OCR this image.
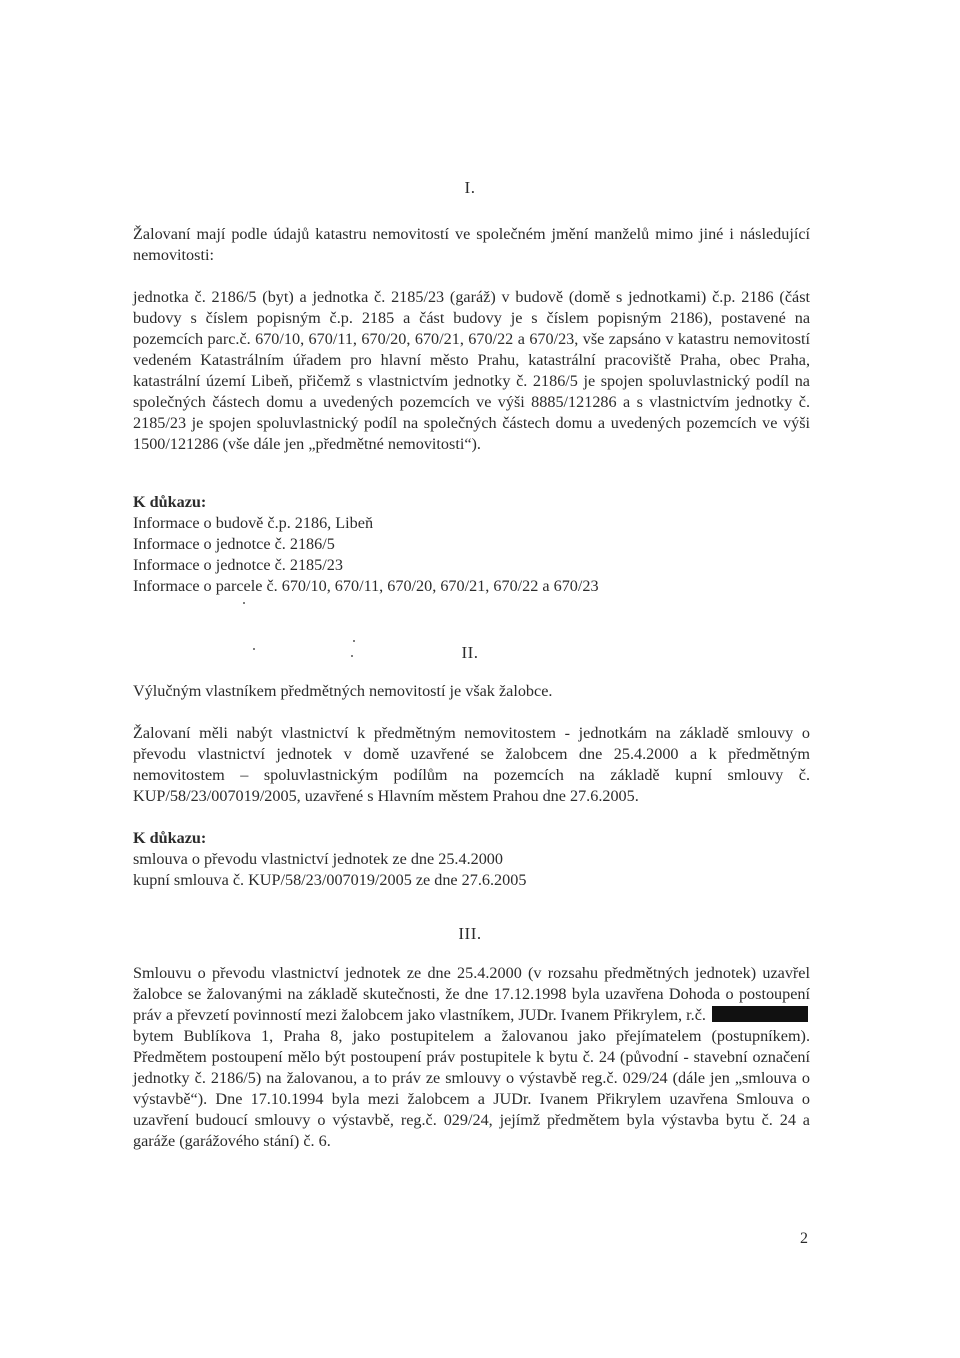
I.

Žalovaní mají podle údajů katastru nemovitostí ve společném jmění manželů mimo jiné i následující nemovitosti:

jednotka č. 2186/5 (byt) a jednotka č. 2185/23 (garáž) v budově (domě s jednotkami) č.p. 2186 (část budovy s číslem popisným č.p. 2185 a část budovy je s číslem popisným 2186), postavené na pozemcích parc.č. 670/10, 670/11, 670/20, 670/21, 670/22 a 670/23, vše zapsáno v katastru nemovitostí vedeném Katastrálním úřadem pro hlavní město Prahu, katastrální pracoviště Praha, obec Praha, katastrální území Libeň, přičemž s vlastnictvím jednotky č. 2186/5 je spojen spoluvlastnický podíl na společných částech domu a uvedených pozemcích ve výši 8885/121286 a s vlastnictvím jednotky č. 2185/23 je spojen spoluvlastnický podíl na společných částech domu a uvedených pozemcích ve výši 1500/121286 (vše dále jen „předmětné nemovitosti“).

K důkazu:
Informace o budově č.p. 2186, Libeň
Informace o jednotce č. 2186/5
Informace o jednotce č. 2185/23
Informace o parcele č. 670/10, 670/11, 670/20, 670/21, 670/22 a 670/23
II.

Výlučným vlastníkem předmětných nemovitostí je však žalobce.

Žalovaní měli nabýt vlastnictví k předmětným nemovitostem - jednotkám na základě smlouvy o převodu vlastnictví jednotek v domě uzavřené se žalobcem dne 25.4.2000 a k předmětným nemovitostem – spoluvlastnickým podílům na pozemcích na základě kupní smlouvy č. KUP/58/23/007019/2005, uzavřené s Hlavním městem Prahou dne 27.6.2005.

K důkazu:
smlouva o převodu vlastnictví jednotek ze dne 25.4.2000
kupní smlouva č. KUP/58/23/007019/2005 ze dne 27.6.2005
III.

Smlouvu o převodu vlastnictví jednotek ze dne 25.4.2000 (v rozsahu předmětných jednotek) uzavřel žalobce se žalovanými na základě skutečnosti, že dne 17.12.1998 byla uzavřena Dohoda o postoupení práv a převzetí povinností mezi žalobcem jako vlastníkem, JUDr. Ivanem Přikrylem, r.č.  bytem Bublíkova 1, Praha 8, jako postupitelem a žalovanou jako přejímatelem (postupníkem). Předmětem postoupení mělo být postoupení práv postupitele k bytu č. 24 (původní - stavební označení jednotky č. 2186/5) na žalovanou, a to práv ze smlouvy o výstavbě reg.č. 029/24 (dále jen „smlouva o výstavbě“). Dne 17.10.1994 byla mezi žalobcem a JUDr. Ivanem Přikrylem uzavřena Smlouva o uzavření budoucí smlouvy o výstavbě, reg.č. 029/24, jejímž předmětem byla výstavba bytu č. 24 a garáže (garážového stání) č. 6.

2
